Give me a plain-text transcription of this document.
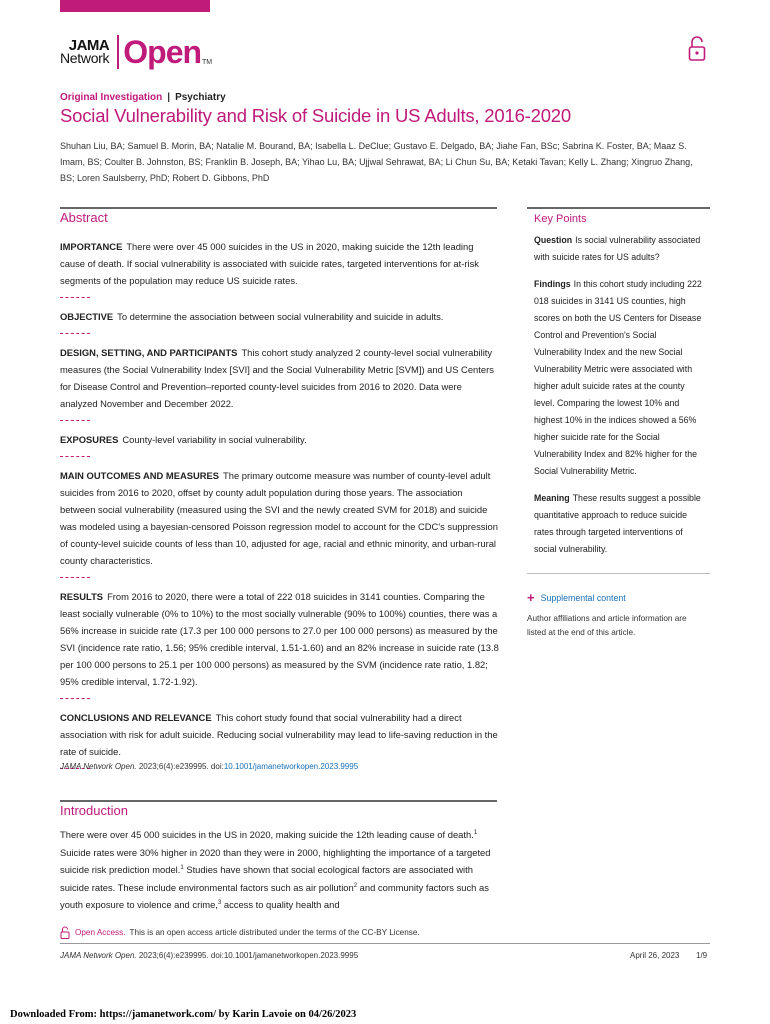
JAMA
Network Open TM
Original Investigation | Psychiatry
Social Vulnerability and Risk of Suicide in US Adults, 2016-2020
Shuhan Liu, BA; Samuel B. Morin, BA; Natalie M. Bourand, BA; Isabella L. DeClue; Gustavo E. Delgado, BA; Jiahe Fan, BSc; Sabrina K. Foster, BA; Maaz S. Imam, BS; Coulter B. Johnston, BS; Franklin B. Joseph, BA; Yihao Lu, BA; Ujjwal Sehrawat, BA; Li Chun Su, BA; Ketaki Tavan; Kelly L. Zhang; Xingruo Zhang, BS; Loren Saulsberry, PhD; Robert D. Gibbons, PhD
Abstract

IMPORTANCE There were over 45 000 suicides in the US in 2020, making suicide the 12th leading cause of death. If social vulnerability is associated with suicide rates, targeted interventions for at-risk segments of the population may reduce US suicide rates.

OBJECTIVE To determine the association between social vulnerability and suicide in adults.

DESIGN, SETTING, AND PARTICIPANTS This cohort study analyzed 2 county-level social vulnerability measures (the Social Vulnerability Index [SVI] and the Social Vulnerability Metric [SVM]) and US Centers for Disease Control and Prevention–reported county-level suicides from 2016 to 2020. Data were analyzed November and December 2022.

EXPOSURES County-level variability in social vulnerability.

MAIN OUTCOMES AND MEASURES The primary outcome measure was number of county-level adult suicides from 2016 to 2020, offset by county adult population during those years. The association between social vulnerability (measured using the SVI and the newly created SVM for 2018) and suicide was modeled using a bayesian-censored Poisson regression model to account for the CDC's suppression of county-level suicide counts of less than 10, adjusted for age, racial and ethnic minority, and urban-rural county characteristics.

RESULTS From 2016 to 2020, there were a total of 222 018 suicides in 3141 counties. Comparing the least socially vulnerable (0% to 10%) to the most socially vulnerable (90% to 100%) counties, there was a 56% increase in suicide rate (17.3 per 100 000 persons to 27.0 per 100 000 persons) as measured by the SVI (incidence rate ratio, 1.56; 95% credible interval, 1.51-1.60) and an 82% increase in suicide rate (13.8 per 100 000 persons to 25.1 per 100 000 persons) as measured by the SVM (incidence rate ratio, 1.82; 95% credible interval, 1.72-1.92).

CONCLUSIONS AND RELEVANCE This cohort study found that social vulnerability had a direct association with risk for adult suicide. Reducing social vulnerability may lead to life-saving reduction in the rate of suicide.

JAMA Network Open. 2023;6(4):e239995. doi:10.1001/jamanetworkopen.2023.9995
Key Points

Question Is social vulnerability associated with suicide rates for US adults?

Findings In this cohort study including 222 018 suicides in 3141 US counties, high scores on both the US Centers for Disease Control and Prevention's Social Vulnerability Index and the new Social Vulnerability Metric were associated with higher adult suicide rates at the county level. Comparing the lowest 10% and highest 10% in the indices showed a 56% higher suicide rate for the Social Vulnerability Index and 82% higher for the Social Vulnerability Metric.

Meaning These results suggest a possible quantitative approach to reduce suicide rates through targeted interventions of social vulnerability.

+ Supplemental content
Author affiliations and article information are listed at the end of this article.
Introduction
There were over 45 000 suicides in the US in 2020, making suicide the 12th leading cause of death.$^1$ Suicide rates were 30% higher in 2020 than they were in 2000, highlighting the importance of a targeted suicide risk prediction model.$^1$ Studies have shown that social ecological factors are associated with suicide rates. These include environmental factors such as air pollution$^2$ and community factors such as youth exposure to violence and crime,$^3$ access to quality health and
Open Access. This is an open access article distributed under the terms of the CC-BY License.
JAMA Network Open. 2023;6(4):e239995. doi:10.1001/jamanetworkopen.2023.9995	April 26, 2023 1/9
Downloaded From: https://jamanetwork.com/ by Karin Lavoie on 04/26/2023
